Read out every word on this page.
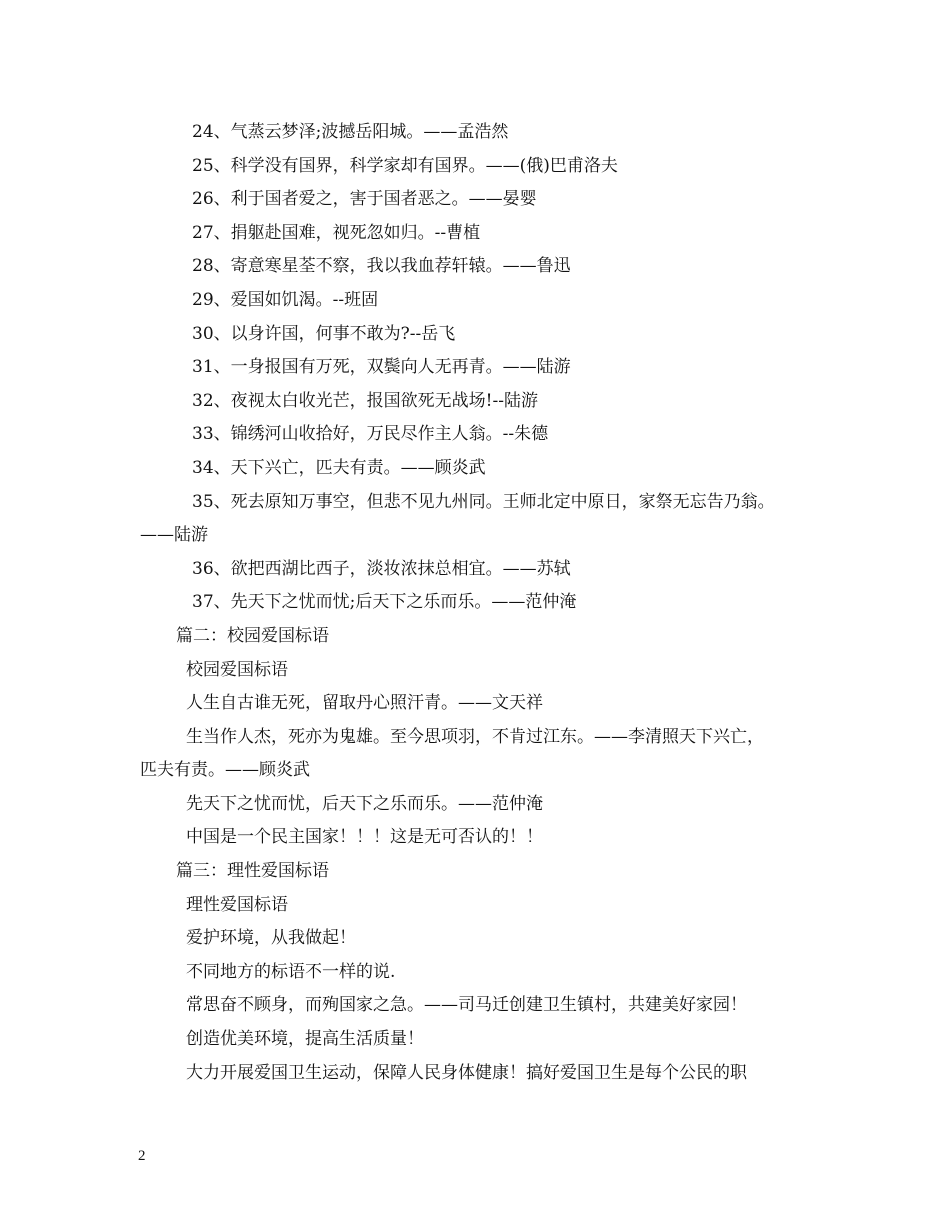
24、气蒸云梦泽;波撼岳阳城。——孟浩然
25、科学没有国界，科学家却有国界。——(俄)巴甫洛夫
26、利于国者爱之，害于国者恶之。——晏婴
27、捐躯赴国难，视死忽如归。--曹植
28、寄意寒星荃不察，我以我血荐轩辕。——鲁迅
29、爱国如饥渴。--班固
30、以身许国，何事不敢为?--岳飞
31、一身报国有万死，双鬓向人无再青。——陆游
32、夜视太白收光芒，报国欲死无战场!--陆游
33、锦绣河山收拾好，万民尽作主人翁。--朱德
34、天下兴亡，匹夫有责。——顾炎武
35、死去原知万事空，但悲不见九州同。王师北定中原日，家祭无忘告乃翁。
——陆游
36、欲把西湖比西子，淡妆浓抹总相宜。——苏轼
37、先天下之忧而忧;后天下之乐而乐。——范仲淹
篇二：校园爱国标语
校园爱国标语
人生自古谁无死，留取丹心照汗青。——文天祥
生当作人杰，死亦为鬼雄。至今思项羽，不肯过江东。——李清照天下兴亡，
匹夫有责。——顾炎武
先天下之忧而忧，后天下之乐而乐。——范仲淹
中国是一个民主国家！！！这是无可否认的！！
篇三：理性爱国标语
理性爱国标语
爱护环境，从我做起！
不同地方的标语不一样的说.
常思奋不顾身，而殉国家之急。——司马迁创建卫生镇村，共建美好家园！
创造优美环境，提高生活质量！
大力开展爱国卫生运动，保障人民身体健康！搞好爱国卫生是每个公民的职
2
